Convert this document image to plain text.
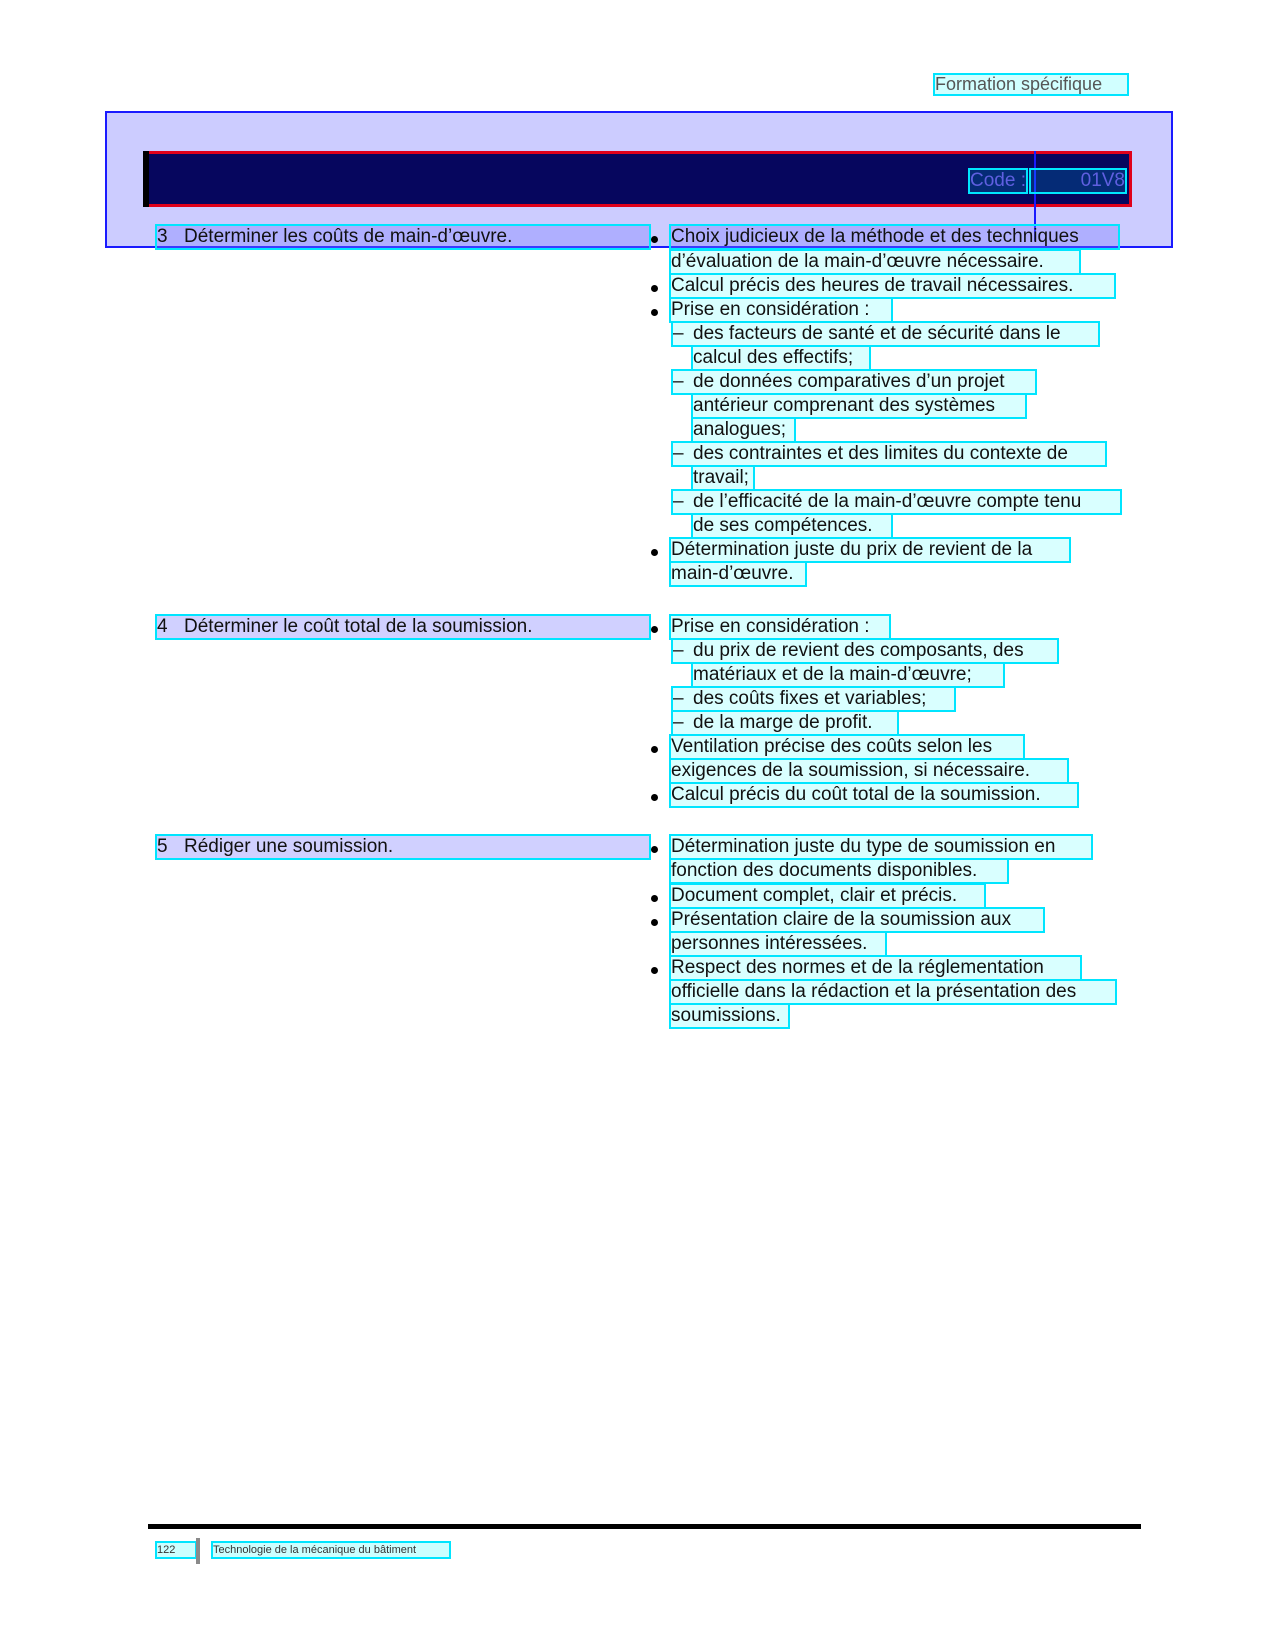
Formation spécifique
Code :	01V8
3 Déterminer les coûts de main-d’œuvre.	Choix judicieux de la méthode et des techniques
d’évaluation de la main-d’œuvre nécessaire.
Calcul précis des heures de travail nécessaires.
Prise en considération :
– des facteurs de santé et de sécurité dans le
calcul des effectifs;
– de données comparatives d’un projet
antérieur comprenant des systèmes
analogues;
– des contraintes et des limites du contexte de
travail;
– de l’efficacité de la main-d’œuvre compte tenu
de ses compétences.
Détermination juste du prix de revient de la
main-d’œuvre.
4 Déterminer le coût total de la soumission.	Prise en considération :
– du prix de revient des composants, des
matériaux et de la main-d’œuvre;
– des coûts fixes et variables;
– de la marge de profit.
Ventilation précise des coûts selon les
exigences de la soumission, si nécessaire.
Calcul précis du coût total de la soumission.
5 Rédiger une soumission.	Détermination juste du type de soumission en
fonction des documents disponibles.
Document complet, clair et précis.
Présentation claire de la soumission aux
personnes intéressées.
Respect des normes et de la réglementation
officielle dans la rédaction et la présentation des
soumissions.
122	Technologie de la mécanique du bâtiment
